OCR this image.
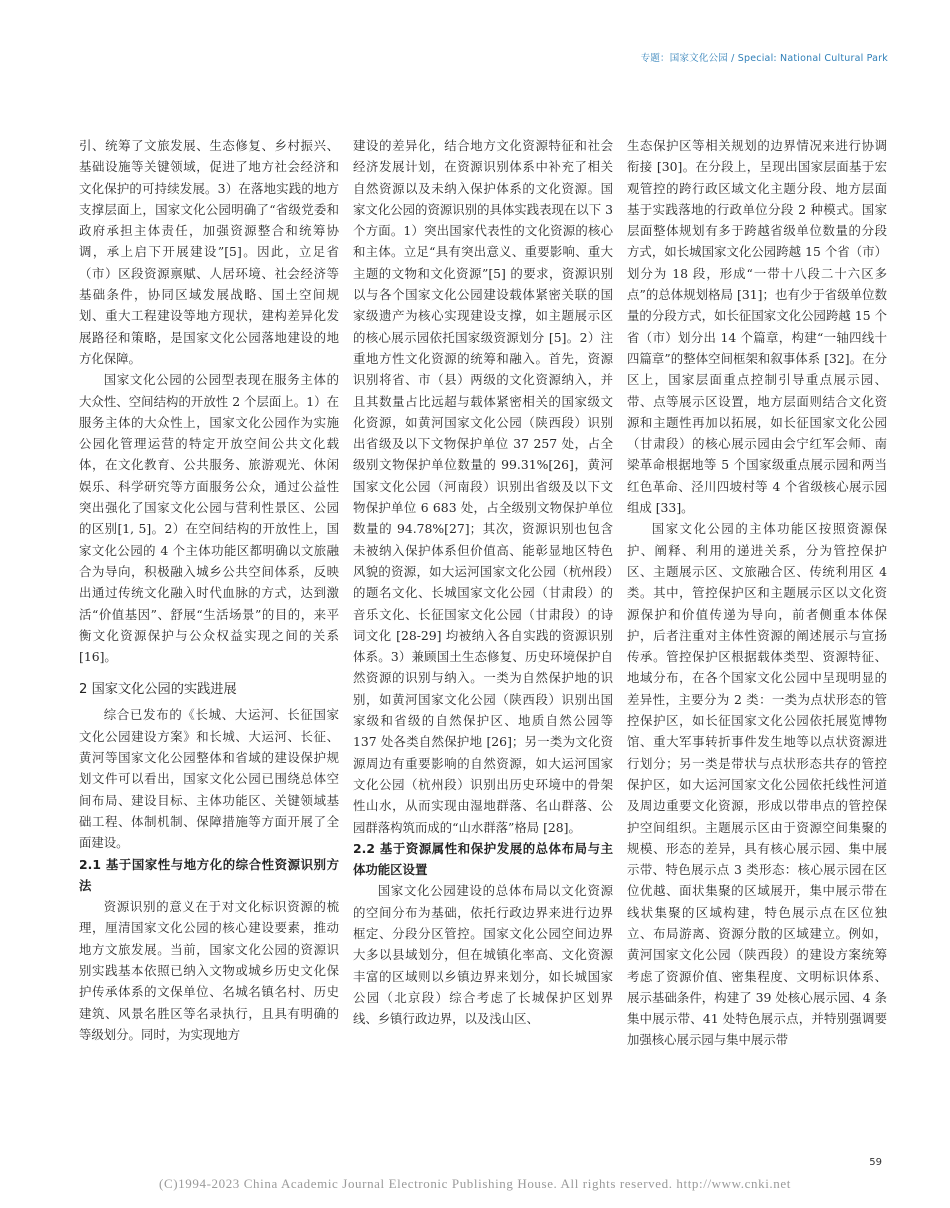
专题：国家文化公园 / Special: National Cultural Park

引、统筹了文旅发展、生态修复、乡村振兴、基础设施等关键领域，促进了地方社会经济和文化保护的可持续发展。3）在落地实践的地方支撑层面上，国家文化公园明确了“省级党委和政府承担主体责任，加强资源整合和统筹协调，承上启下开展建设”[5]。因此，立足省（市）区段资源禀赋、人居环境、社会经济等基础条件，协同区域发展战略、国土空间规划、重大工程建设等地方现状，建构差异化发展路径和策略，是国家文化公园落地建设的地方化保障。

国家文化公园的公园型表现在服务主体的大众性、空间结构的开放性 2 个层面上。1）在服务主体的大众性上，国家文化公园作为实施公园化管理运营的特定开放空间公共文化载体，在文化教育、公共服务、旅游观光、休闲娱乐、科学研究等方面服务公众，通过公益性突出强化了国家文化公园与营利性景区、公园的区别[1, 5]。2）在空间结构的开放性上，国家文化公园的 4 个主体功能区都明确以文旅融合为导向，积极融入城乡公共空间体系，反映出通过传统文化融入时代血脉的方式，达到激活“价值基因”、舒展“生活场景”的目的，来平衡文化资源保护与公众权益实现之间的关系 [16]。

2 国家文化公园的实践进展

综合已发布的《长城、大运河、长征国家文化公园建设方案》和长城、大运河、长征、黄河等国家文化公园整体和省域的建设保护规划文件可以看出，国家文化公园已围绕总体空间布局、建设目标、主体功能区、关键领域基础工程、体制机制、保障措施等方面开展了全面建设。

2.1 基于国家性与地方化的综合性资源识别方法

资源识别的意义在于对文化标识资源的梳理，厘清国家文化公园的核心建设要素，推动地方文旅发展。当前，国家文化公园的资源识别实践基本依照已纳入文物或城乡历史文化保护传承体系的文保单位、名城名镇名村、历史建筑、风景名胜区等名录执行，且具有明确的等级划分。同时，为实现地方

建设的差异化，结合地方文化资源特征和社会经济发展计划，在资源识别体系中补充了相关自然资源以及未纳入保护体系的文化资源。国家文化公园的资源识别的具体实践表现在以下 3 个方面。1）突出国家代表性的文化资源的核心和主体。立足“具有突出意义、重要影响、重大主题的文物和文化资源”[5] 的要求，资源识别以与各个国家文化公园建设载体紧密关联的国家级遗产为核心实现建设支撑，如主题展示区的核心展示园依托国家级资源划分 [5]。2）注重地方性文化资源的统筹和融入。首先，资源识别将省、市（县）两级的文化资源纳入，并且其数量占比远超与载体紧密相关的国家级文化资源，如黄河国家文化公园（陕西段）识别出省级及以下文物保护单位 37 257 处，占全级别文物保护单位数量的 99.31%[26]，黄河国家文化公园（河南段）识别出省级及以下文物保护单位 6 683 处，占全级别文物保护单位数量的 94.78%[27]；其次，资源识别也包含未被纳入保护体系但价值高、能彰显地区特色风貌的资源，如大运河国家文化公园（杭州段）的题名文化、长城国家文化公园（甘肃段）的音乐文化、长征国家文化公园（甘肃段）的诗词文化 [28-29] 均被纳入各自实践的资源识别体系。3）兼顾国土生态修复、历史环境保护自然资源的识别与纳入。一类为自然保护地的识别，如黄河国家文化公园（陕西段）识别出国家级和省级的自然保护区、地质自然公园等 137 处各类自然保护地 [26]；另一类为文化资源周边有重要影响的自然资源，如大运河国家文化公园（杭州段）识别出历史环境中的骨架性山水，从而实现由湿地群落、名山群落、公园群落构筑而成的“山水群落”格局 [28]。

2.2 基于资源属性和保护发展的总体布局与主体功能区设置

国家文化公园建设的总体布局以文化资源的空间分布为基础，依托行政边界来进行边界框定、分段分区管控。国家文化公园空间边界大多以县域划分，但在城镇化率高、文化资源丰富的区域则以乡镇边界来划分，如长城国家公园（北京段）综合考虑了长城保护区划界线、乡镇行政边界，以及浅山区、

生态保护区等相关规划的边界情况来进行协调衔接 [30]。在分段上，呈现出国家层面基于宏观管控的跨行政区域文化主题分段、地方层面基于实践落地的行政单位分段 2 种模式。国家层面整体规划有多于跨越省级单位数量的分段方式，如长城国家文化公园跨越 15 个省（市）划分为 18 段，形成“一带十八段二十六区多点”的总体规划格局 [31]；也有少于省级单位数量的分段方式，如长征国家文化公园跨越 15 个省（市）划分出 14 个篇章，构建“一轴四线十四篇章”的整体空间框架和叙事体系 [32]。在分区上，国家层面重点控制引导重点展示园、带、点等展示区设置，地方层面则结合文化资源和主题性再加以拓展，如长征国家文化公园（甘肃段）的核心展示园由会宁红军会师、南梁革命根据地等 5 个国家级重点展示园和两当红色革命、泾川四坡村等 4 个省级核心展示园组成 [33]。

国家文化公园的主体功能区按照资源保护、阐释、利用的递进关系，分为管控保护区、主题展示区、文旅融合区、传统利用区 4 类。其中，管控保护区和主题展示区以文化资源保护和价值传递为导向，前者侧重本体保护，后者注重对主体性资源的阐述展示与宣扬传承。管控保护区根据载体类型、资源特征、地域分布，在各个国家文化公园中呈现明显的差异性，主要分为 2 类：一类为点状形态的管控保护区，如长征国家文化公园依托展览博物馆、重大军事转折事件发生地等以点状资源进行划分；另一类是带状与点状形态共存的管控保护区，如大运河国家文化公园依托线性河道及周边重要文化资源，形成以带串点的管控保护空间组织。主题展示区由于资源空间集聚的规模、形态的差异，具有核心展示园、集中展示带、特色展示点 3 类形态：核心展示园在区位优越、面状集聚的区域展开，集中展示带在线状集聚的区域构建，特色展示点在区位独立、布局游离、资源分散的区域建立。例如，黄河国家文化公园（陕西段）的建设方案统筹考虑了资源价值、密集程度、文明标识体系、展示基础条件，构建了 39 处核心展示园、4 条集中展示带、41 处特色展示点，并特别强调要加强核心展示园与集中展示带

59
(C)1994-2023 China Academic Journal Electronic Publishing House. All rights reserved. http://www.cnki.net
